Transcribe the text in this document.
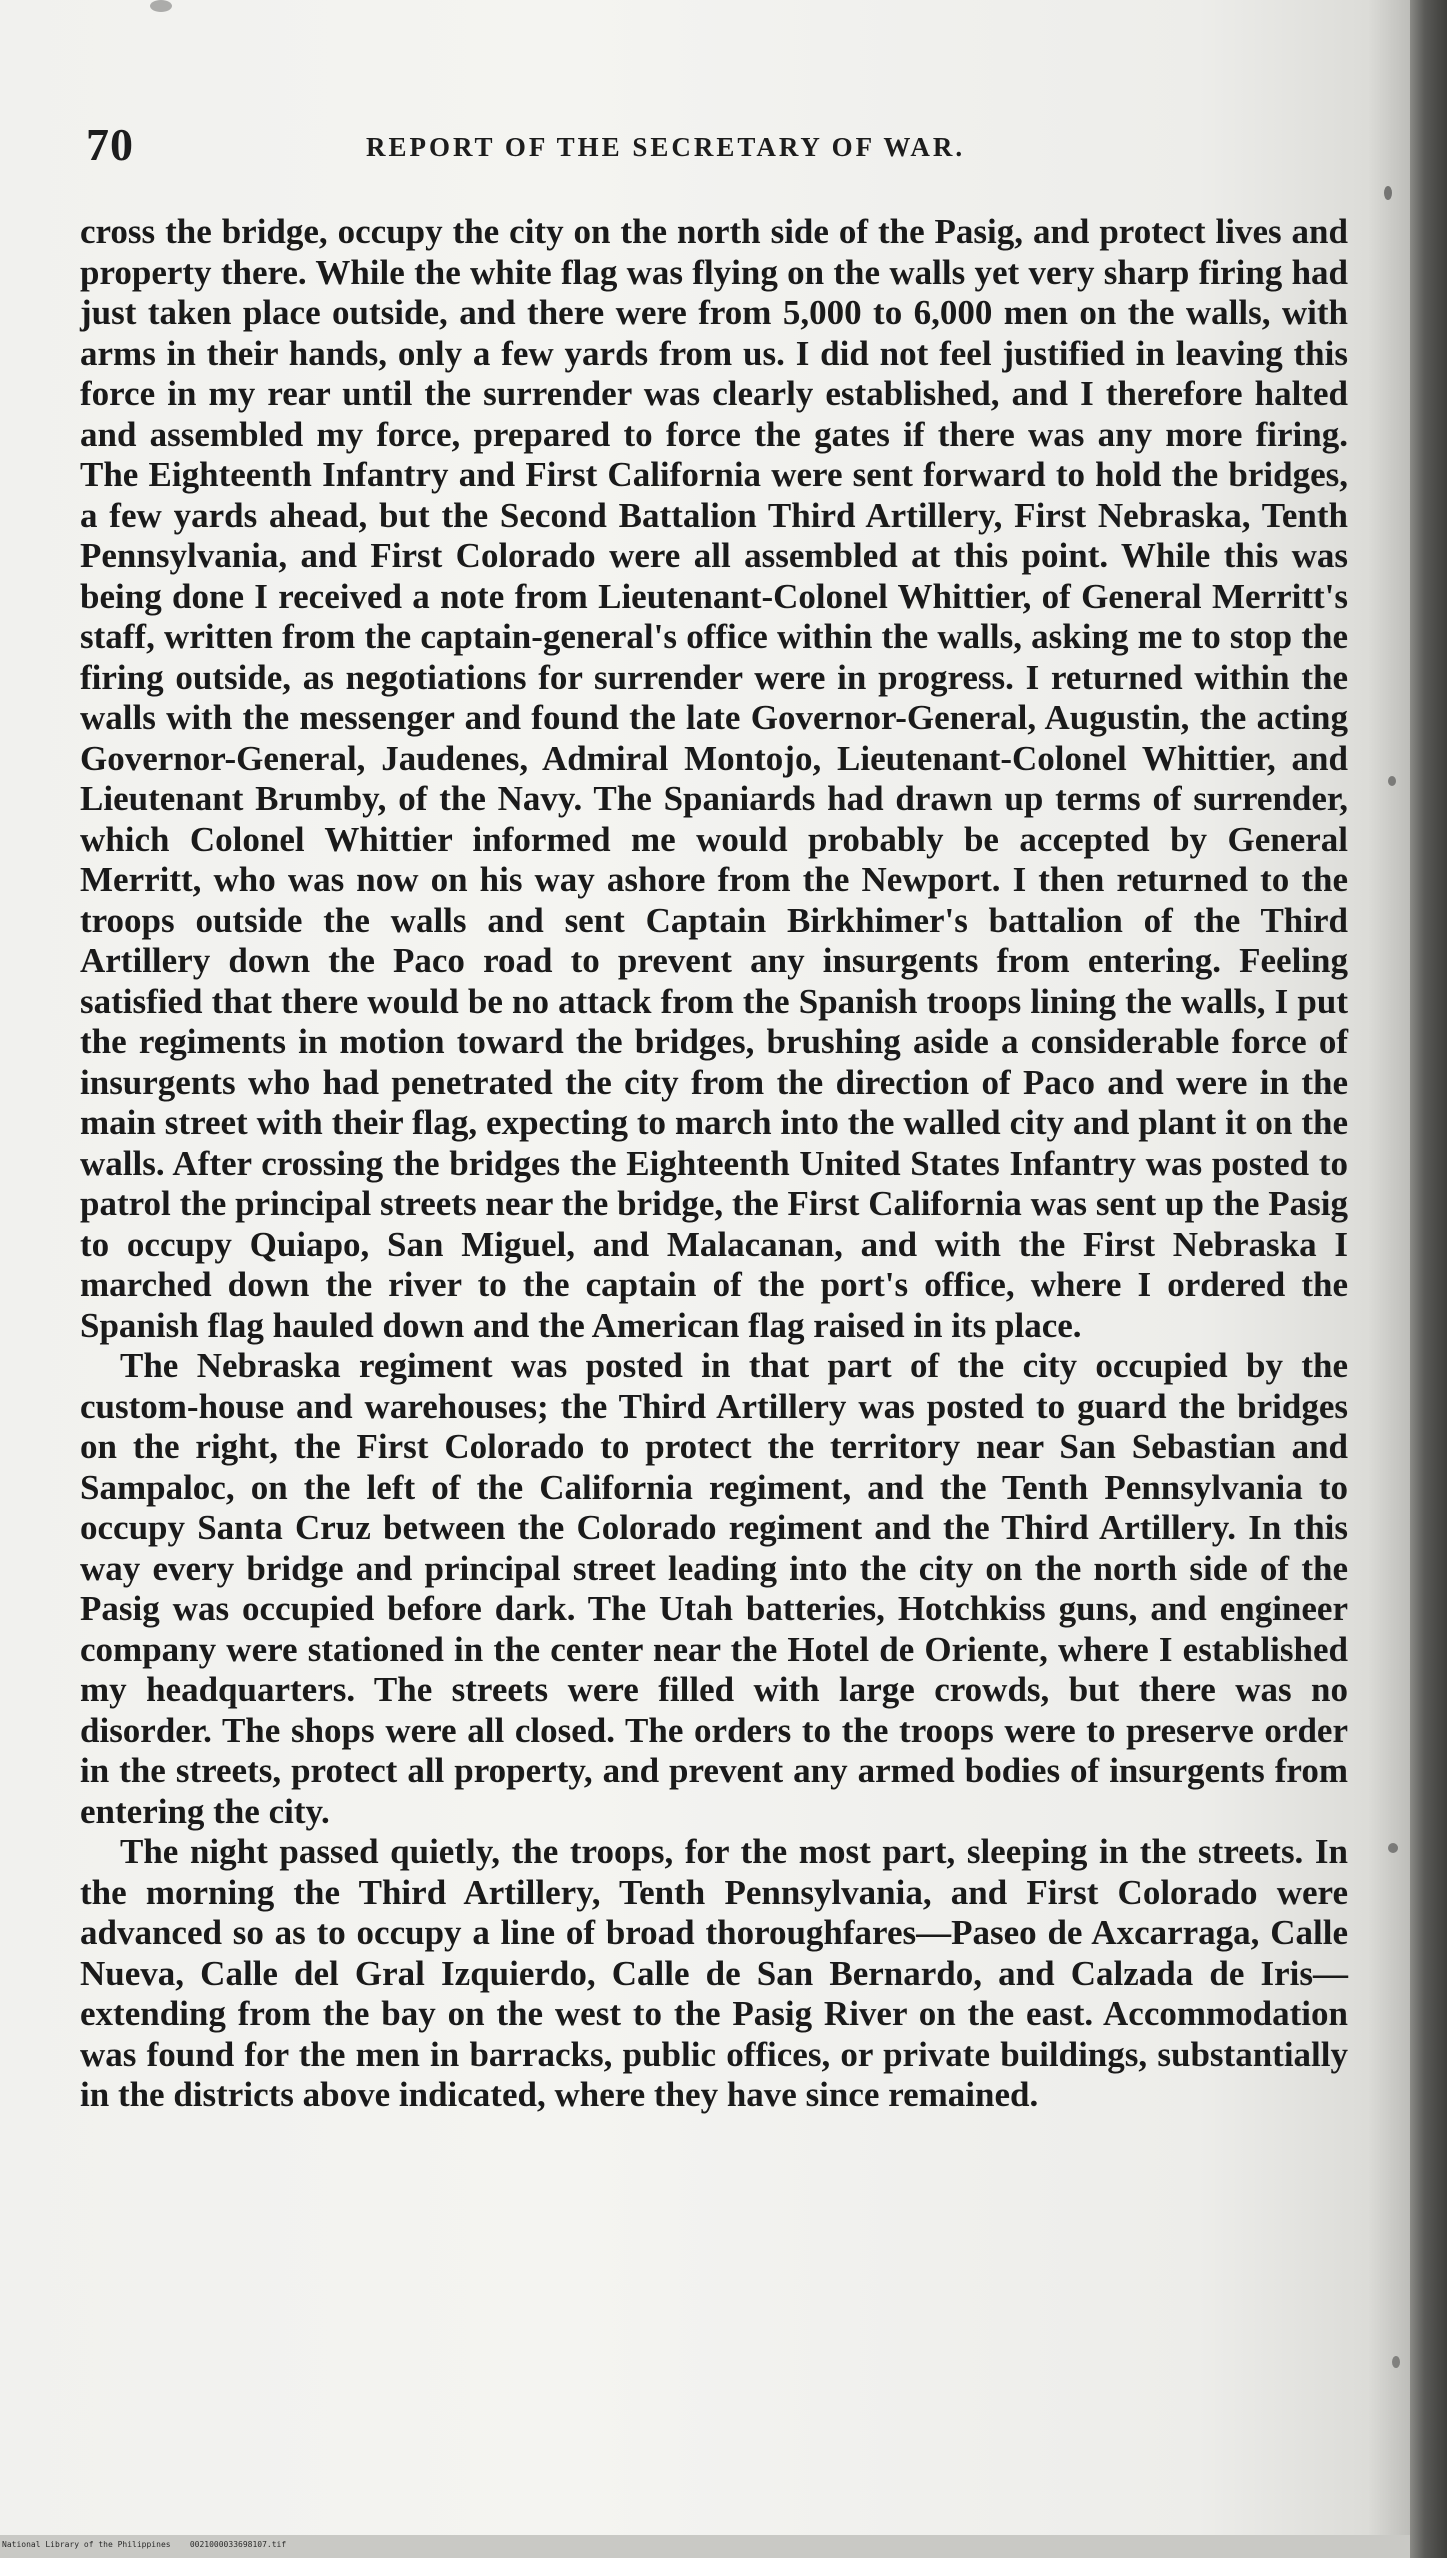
70	REPORT OF THE SECRETARY OF WAR.

cross the bridge, occupy the city on the north side of the Pasig, and protect lives and property there. While the white flag was flying on the walls yet very sharp firing had just taken place outside, and there were from 5,000 to 6,000 men on the walls, with arms in their hands, only a few yards from us. I did not feel justified in leaving this force in my rear until the surrender was clearly established, and I therefore halted and assembled my force, prepared to force the gates if there was any more firing. The Eighteenth Infantry and First California were sent forward to hold the bridges, a few yards ahead, but the Second Battalion Third Artillery, First Nebraska, Tenth Pennsylvania, and First Colorado were all assembled at this point. While this was being done I received a note from Lieutenant-Colonel Whittier, of General Merritt's staff, written from the captain-general's office within the walls, asking me to stop the firing outside, as negotiations for surrender were in progress. I returned within the walls with the messenger and found the late Governor-General, Augustin, the acting Governor-General, Jaudenes, Admiral Montojo, Lieutenant-Colonel Whittier, and Lieutenant Brumby, of the Navy. The Spaniards had drawn up terms of surrender, which Colonel Whittier informed me would probably be accepted by General Merritt, who was now on his way ashore from the Newport. I then returned to the troops outside the walls and sent Captain Birkhimer's battalion of the Third Artillery down the Paco road to prevent any insurgents from entering. Feeling satisfied that there would be no attack from the Spanish troops lining the walls, I put the regiments in motion toward the bridges, brushing aside a considerable force of insurgents who had penetrated the city from the direction of Paco and were in the main street with their flag, expecting to march into the walled city and plant it on the walls. After crossing the bridges the Eighteenth United States Infantry was posted to patrol the principal streets near the bridge, the First California was sent up the Pasig to occupy Quiapo, San Miguel, and Malacanan, and with the First Nebraska I marched down the river to the captain of the port's office, where I ordered the Spanish flag hauled down and the American flag raised in its place.

The Nebraska regiment was posted in that part of the city occupied by the custom-house and warehouses; the Third Artillery was posted to guard the bridges on the right, the First Colorado to protect the territory near San Sebastian and Sampaloc, on the left of the California regiment, and the Tenth Pennsylvania to occupy Santa Cruz between the Colorado regiment and the Third Artillery. In this way every bridge and principal street leading into the city on the north side of the Pasig was occupied before dark. The Utah batteries, Hotchkiss guns, and engineer company were stationed in the center near the Hotel de Oriente, where I established my headquarters. The streets were filled with large crowds, but there was no disorder. The shops were all closed. The orders to the troops were to preserve order in the streets, protect all property, and prevent any armed bodies of insurgents from entering the city.

The night passed quietly, the troops, for the most part, sleeping in the streets. In the morning the Third Artillery, Tenth Pennsylvania, and First Colorado were advanced so as to occupy a line of broad thoroughfares—Paseo de Axcarraga, Calle Nueva, Calle del Gral Izquierdo, Calle de San Bernardo, and Calzada de Iris—extending from the bay on the west to the Pasig River on the east. Accommodation was found for the men in barracks, public offices, or private buildings, substantially in the districts above indicated, where they have since remained.

National Library of the Philippines    0021000033698107.tif
